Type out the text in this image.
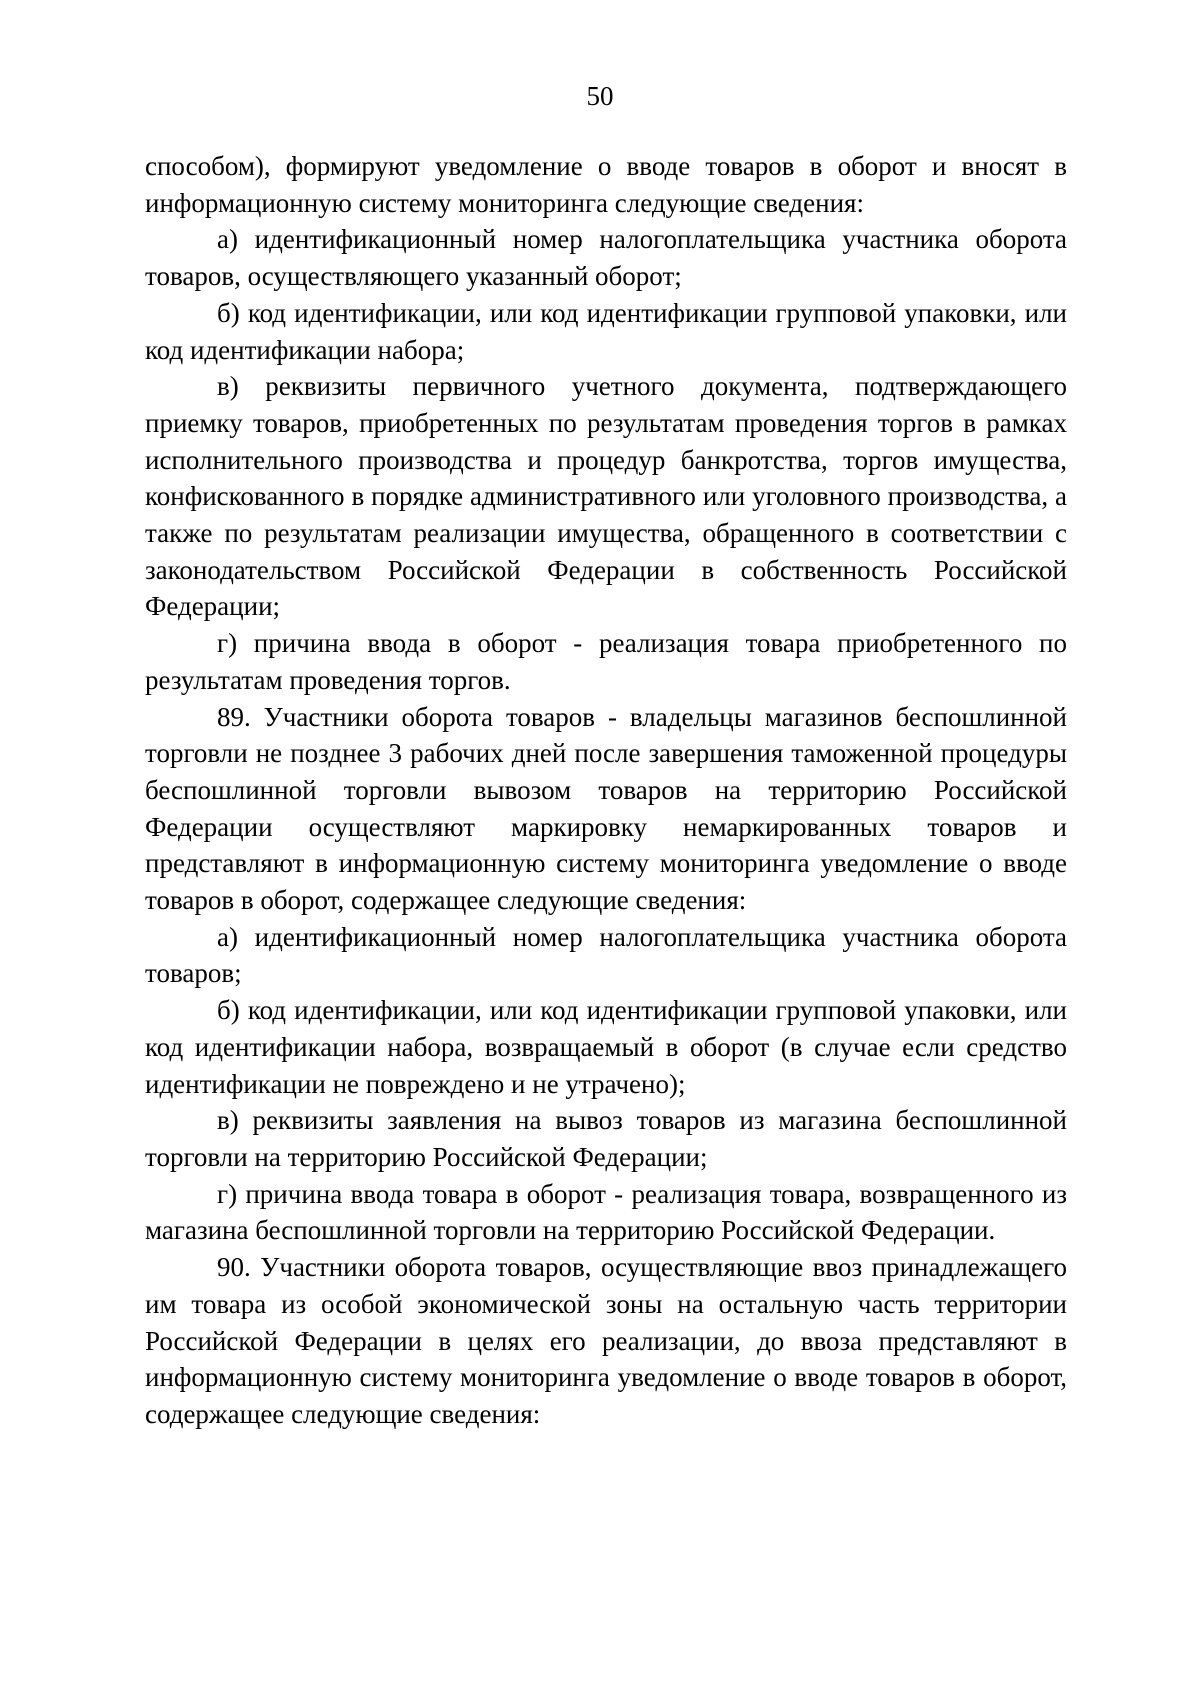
50

способом), формируют уведомление о вводе товаров в оборот и вносят в информационную систему мониторинга следующие сведения:

а) идентификационный номер налогоплательщика участника оборота товаров, осуществляющего указанный оборот;

б) код идентификации, или код идентификации групповой упаковки, или код идентификации набора;

в) реквизиты первичного учетного документа, подтверждающего приемку товаров, приобретенных по результатам проведения торгов в рамках исполнительного производства и процедур банкротства, торгов имущества, конфискованного в порядке административного или уголовного производства, а также по результатам реализации имущества, обращенного в соответствии с законодательством Российской Федерации в собственность Российской Федерации;

г) причина ввода в оборот - реализация товара приобретенного по результатам проведения торгов.

89. Участники оборота товаров - владельцы магазинов беспошлинной торговли не позднее 3 рабочих дней после завершения таможенной процедуры беспошлинной торговли вывозом товаров на территорию Российской Федерации осуществляют маркировку немаркированных товаров и представляют в информационную систему мониторинга уведомление о вводе товаров в оборот, содержащее следующие сведения:

а) идентификационный номер налогоплательщика участника оборота товаров;

б) код идентификации, или код идентификации групповой упаковки, или код идентификации набора, возвращаемый в оборот (в случае если средство идентификации не повреждено и не утрачено);

в) реквизиты заявления на вывоз товаров из магазина беспошлинной торговли на территорию Российской Федерации;

г) причина ввода товара в оборот - реализация товара, возвращенного из магазина беспошлинной торговли на территорию Российской Федерации.

90. Участники оборота товаров, осуществляющие ввоз принадлежащего им товара из особой экономической зоны на остальную часть территории Российской Федерации в целях его реализации, до ввоза представляют в информационную систему мониторинга уведомление о вводе товаров в оборот, содержащее следующие сведения:
